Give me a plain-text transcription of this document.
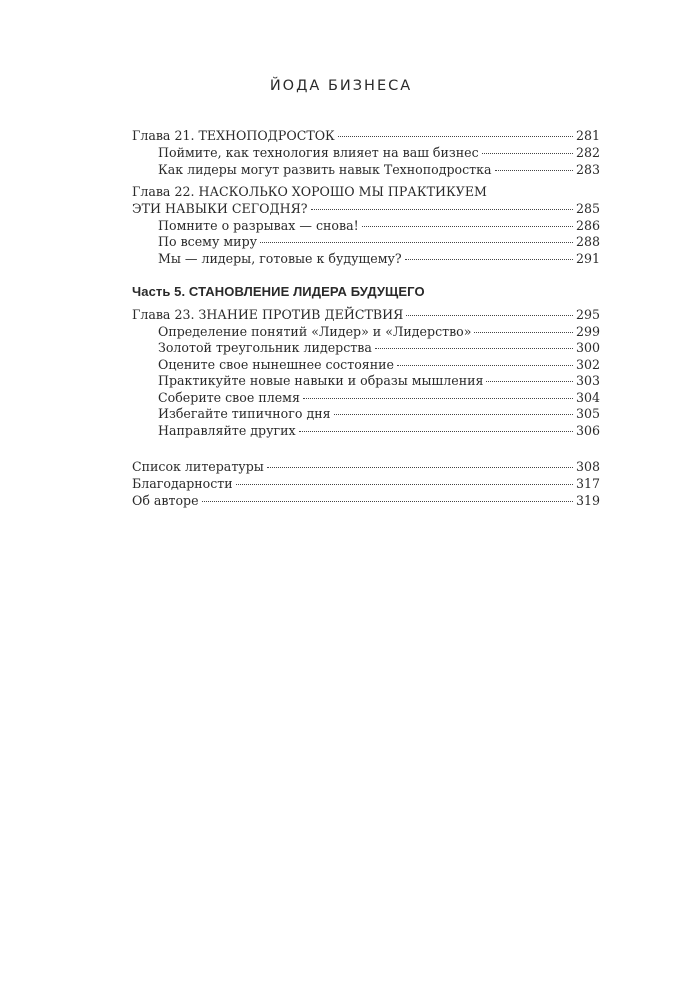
ЙОДА БИЗНЕСА
Глава 21. ТЕХНОПОДРОСТОК	281
Поймите, как технология влияет на ваш бизнес	282
Как лидеры могут развить навык Технoподростка	283
Глава 22. НАСКОЛЬКО ХОРОШО МЫ ПРАКТИКУЕМ
ЭТИ НАВЫКИ СЕГОДНЯ?	285
Помните о разрывах — снова!	286
По всему миру	288
Мы — лидеры, готовые к будущему?	291
Часть 5. СТАНОВЛЕНИЕ ЛИДЕРА БУДУЩЕГО
Глава 23. ЗНАНИЕ ПРОТИВ ДЕЙСТВИЯ	295
Определение понятий «Лидер» и «Лидерство»	299
Золотой треугольник лидерства	300
Оцените свое нынешнее состояние	302
Практикуйте новые навыки и образы мышления	303
Соберите свое племя	304
Избегайте типичного дня	305
Направляйте других	306
Список литературы	308
Благодарности	317
Об авторе	319
